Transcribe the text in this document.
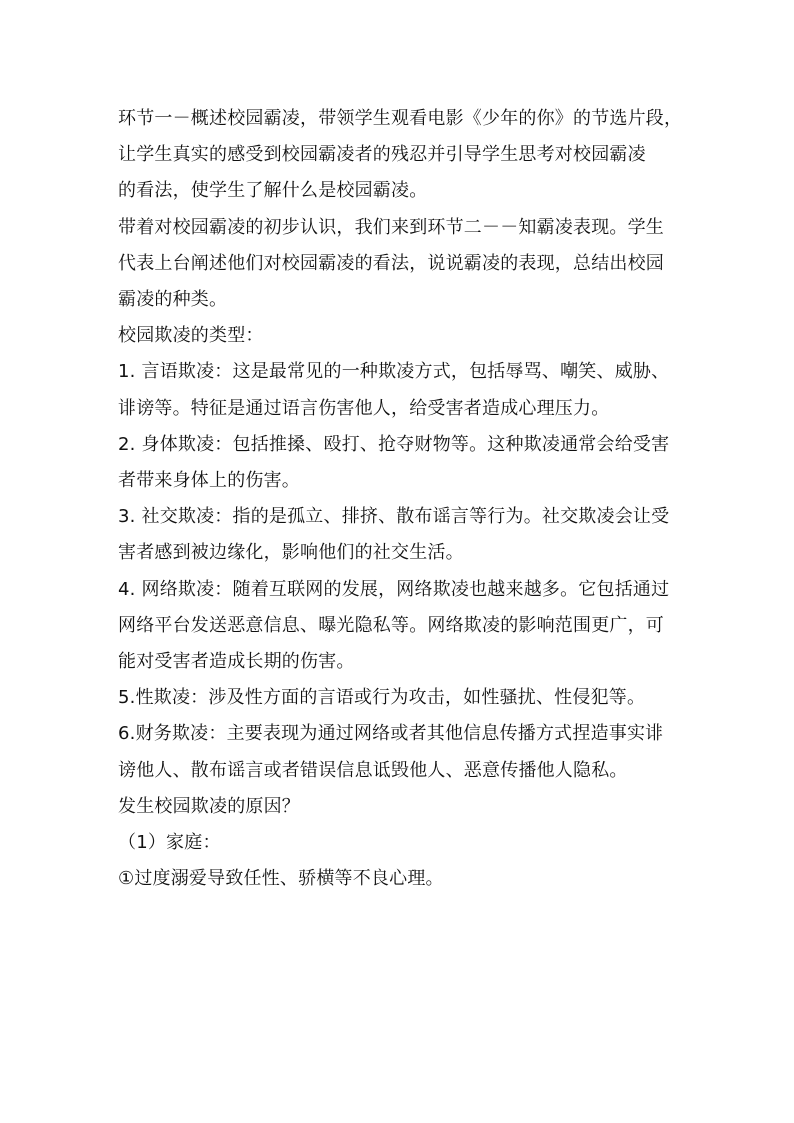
环节一－概述校园霸凌，带领学生观看电影《少年的你》的节选片段，
让学生真实的感受到校园霸凌者的残忍并引导学生思考对校园霸凌
的看法，使学生了解什么是校园霸凌。
带着对校园霸凌的初步认识，我们来到环节二－－知霸凌表现。学生
代表上台阐述他们对校园霸凌的看法，说说霸凌的表现，总结出校园
霸凌的种类。
校园欺凌的类型：
1. 言语欺凌：这是最常见的一种欺凌方式，包括辱骂、嘲笑、威胁、
诽谤等。特征是通过语言伤害他人，给受害者造成心理压力。
2. 身体欺凌：包括推搡、殴打、抢夺财物等。这种欺凌通常会给受害
者带来身体上的伤害。
3. 社交欺凌：指的是孤立、排挤、散布谣言等行为。社交欺凌会让受
害者感到被边缘化，影响他们的社交生活。
4. 网络欺凌：随着互联网的发展，网络欺凌也越来越多。它包括通过
网络平台发送恶意信息、曝光隐私等。网络欺凌的影响范围更广，可
能对受害者造成长期的伤害。
5.性欺凌：涉及性方面的言语或行为攻击，如性骚扰、性侵犯等。
6.财务欺凌：主要表现为通过网络或者其他信息传播方式捏造事实诽
谤他人、散布谣言或者错误信息诋毁他人、恶意传播他人隐私。
发生校园欺凌的原因？
（1）家庭：
①过度溺爱导致任性、骄横等不良心理。
